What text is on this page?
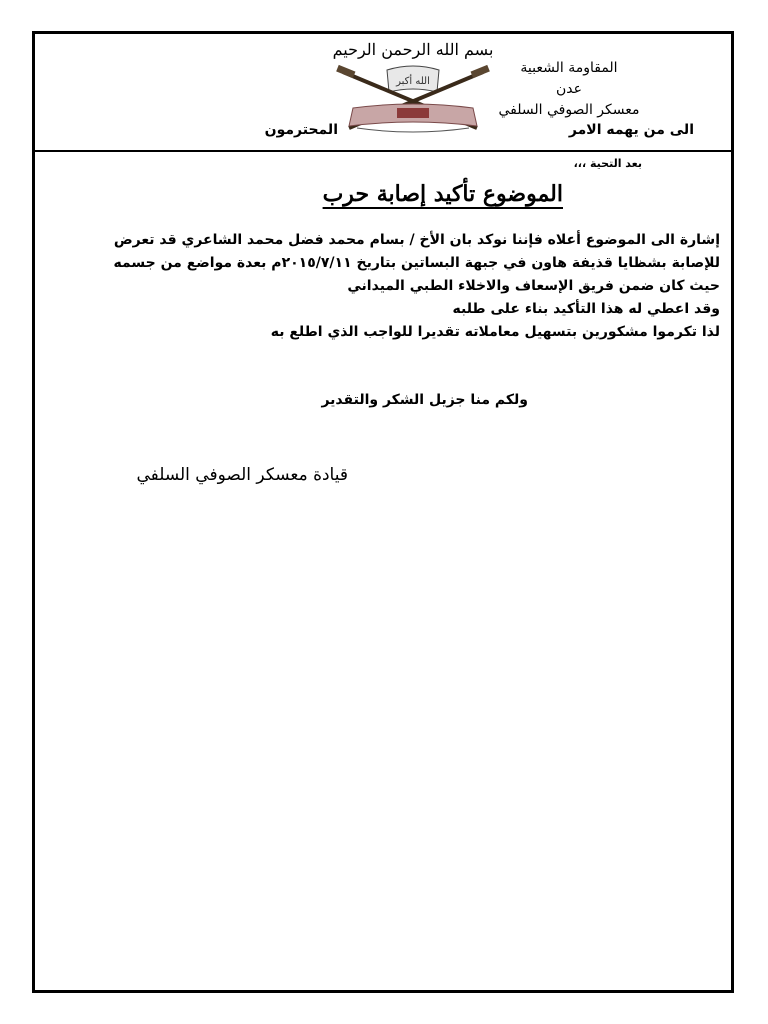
المقاومة الشعبية
عدن
معسكر الصوفي السلفي
بسم الله الرحمن الرحيم
الله أكبر
الى من يهمه الامر
المحترمون
بعد التحية ،،،
الموضوع تأكيد إصابة حرب
إشارة الى الموضوع أعلاه فإننا نوكد بان الأخ / بسام محمد فضل محمد الشاعري قد تعرض
للإصابة بشظايا قذيفة هاون في جبهة البساتين بتاريخ ٢٠١٥/٧/١١م بعدة مواضع من جسمه
حيث كان ضمن فريق الإسعاف والاخلاء الطبي الميداني
وقد اعطي له هذا التأكيد بناء على طلبه
لذا تكرموا مشكورين بتسهيل معاملاته تقديرا للواجب الذي اطلع به
ولكم منا جزيل الشكر والتقدير
قيادة معسكر الصوفي السلفي
